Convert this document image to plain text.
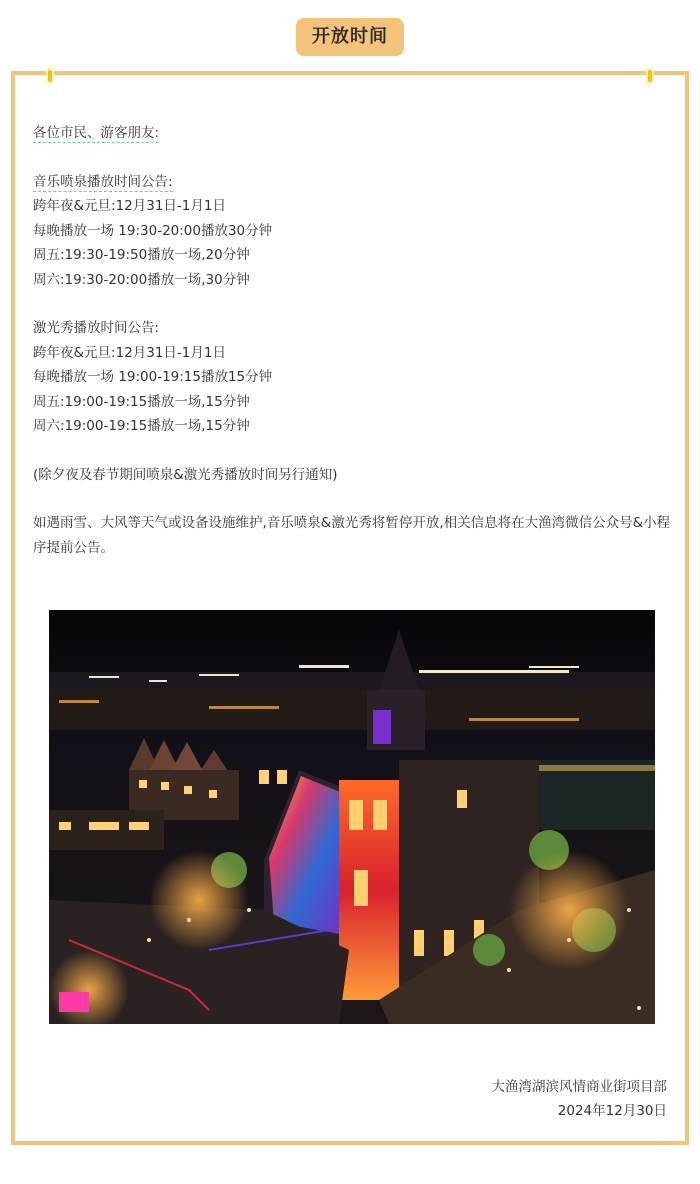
开放时间

各位市民、游客朋友:

音乐喷泉播放时间公告:

跨年夜&元旦:12月31日-1月1日

每晚播放一场 19:30-20:00播放30分钟

周五:19:30-19:50播放一场,20分钟

周六:19:30-20:00播放一场,30分钟

激光秀播放时间公告:

跨年夜&元旦:12月31日-1月1日

每晚播放一场 19:00-19:15播放15分钟

周五:19:00-19:15播放一场,15分钟

周六:19:00-19:15播放一场,15分钟

(除夕夜及春节期间喷泉&激光秀播放时间另行通知)

如遇雨雪、大风等天气或设备设施维护,音乐喷泉&激光秀将暂停开放,相关信息将在大渔湾微信公众号&小程序提前公告。

大渔湾湖滨风情商业街项目部
2024年12月30日
